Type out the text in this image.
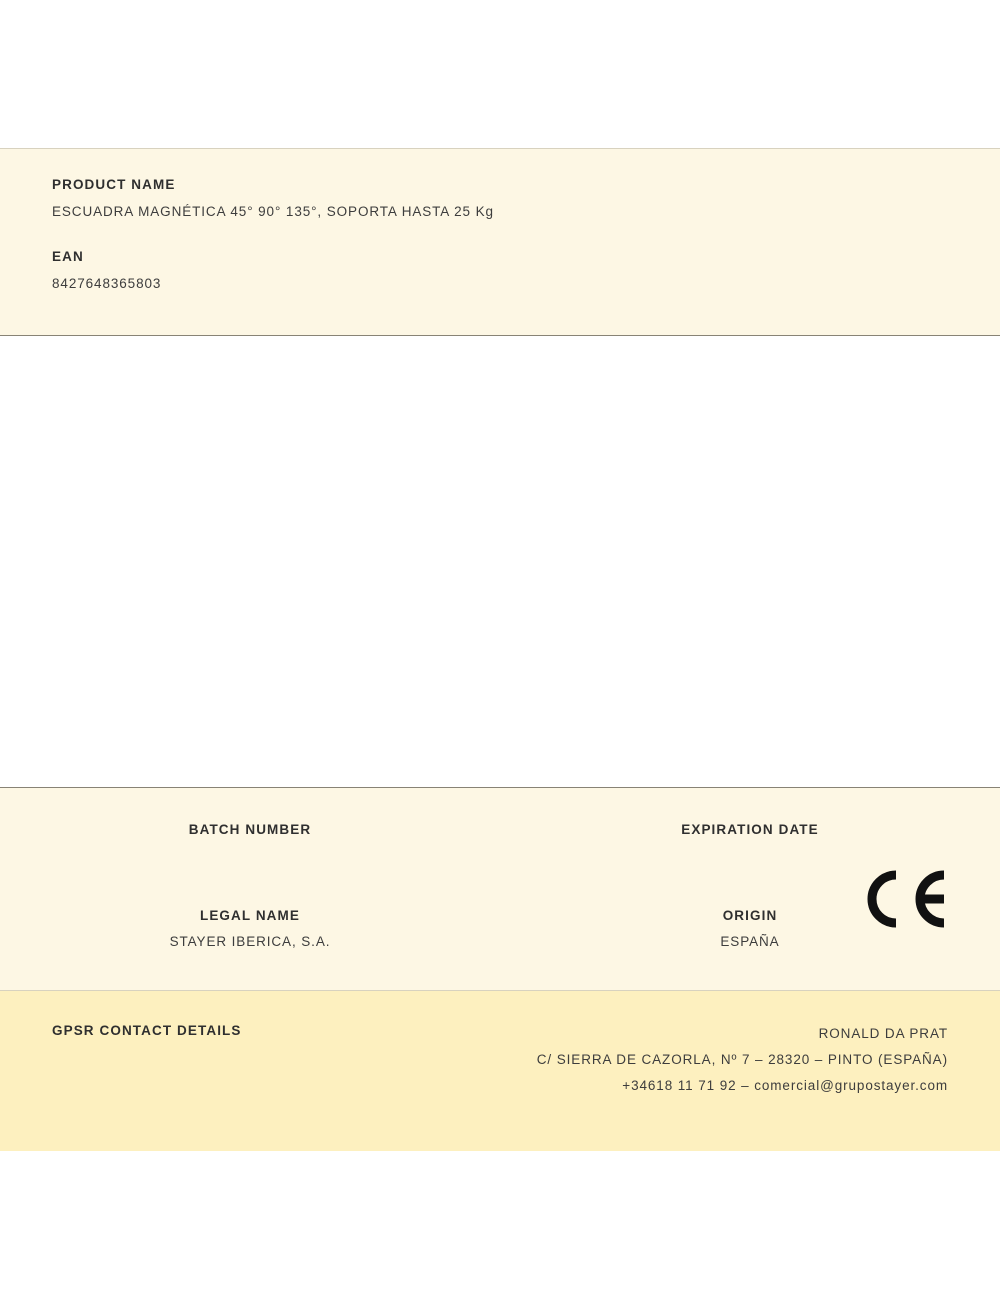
PRODUCT NAME
ESCUADRA MAGNÉTICA 45° 90° 135°, SOPORTA HASTA 25 Kg
EAN
8427648365803
BATCH NUMBER	EXPIRATION DATE
LEGAL NAME
STAYER IBERICA, S.A.
ORIGIN
ESPAÑA
GPSR CONTACT DETAILS	RONALD DA PRAT
C/ SIERRA DE CAZORLA, Nº 7 – 28320 – PINTO (ESPAÑA)
+34618 11 71 92 – comercial@grupostayer.com
